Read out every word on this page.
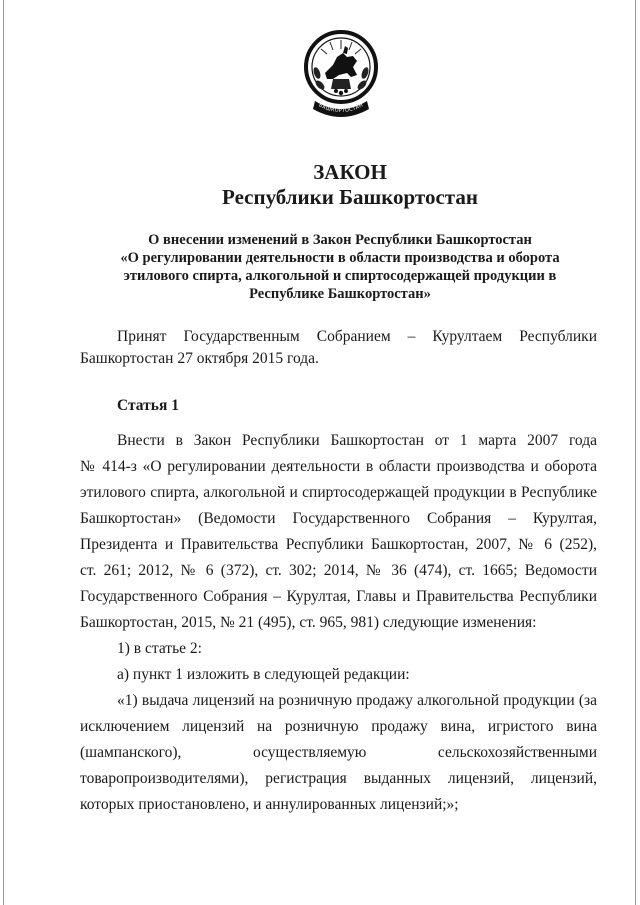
БАШКОРТОСТАН
ЗАКОН
Республики Башкортостан
О внесении изменений в Закон Республики Башкортостан
«О регулировании деятельности в области производства и оборота
этилового спирта, алкогольной и спиртосодержащей продукции в
Республике Башкортостан»
Принят Государственным Собранием – Курултаем Республики
Башкортостан 27 октября 2015 года.
Статья 1
Внести в Закон Республики Башкортостан от 1 марта 2007 года
№ 414-з «О регулировании деятельности в области производства и оборота
этилового спирта, алкогольной и спиртосодержащей продукции в Республике
Башкортостан» (Ведомости Государственного Собрания – Курултая,
Президента и Правительства Республики Башкортостан, 2007, № 6 (252),
ст. 261; 2012, № 6 (372), ст. 302; 2014, № 36 (474), ст. 1665; Ведомости
Государственного Собрания – Курултая, Главы и Правительства Республики
Башкортостан, 2015, № 21 (495), ст. 965, 981) следующие изменения:
1) в статье 2:
а) пункт 1 изложить в следующей редакции:
«1) выдача лицензий на розничную продажу алкогольной продукции (за
исключением лицензий на розничную продажу вина, игристого вина
(шампанского), осуществляемую сельскохозяйственными
товаропроизводителями), регистрация выданных лицензий, лицензий,
которых приостановлено, и аннулированных лицензий;»;
